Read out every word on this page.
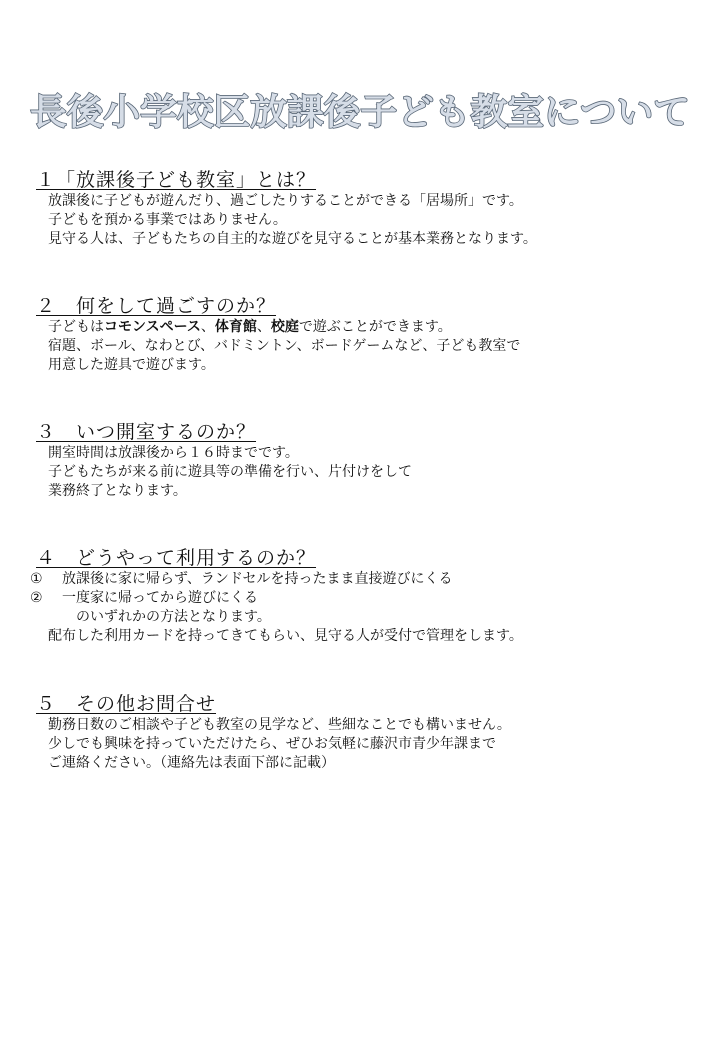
長後小学校区放課後子ども教室について
１「放課後子ども教室」とは？
放課後に子どもが遊んだり、過ごしたりすることができる「居場所」です。
子どもを預かる事業ではありません。
見守る人は、子どもたちの自主的な遊びを見守ることが基本業務となります。
２　何をして過ごすのか？
子どもはコモンスペース、体育館、校庭で遊ぶことができます。
宿題、ボール、なわとび、バドミントン、ボードゲームなど、子ども教室で
用意した遊具で遊びます。
３　いつ開室するのか？
開室時間は放課後から１６時までです。
子どもたちが来る前に遊具等の準備を行い、片付けをして
業務終了となります。
４　どうやって利用するのか？
①	放課後に家に帰らず、ランドセルを持ったまま直接遊びにくる
②	一度家に帰ってから遊びにくる
のいずれかの方法となります。
配布した利用カードを持ってきてもらい、見守る人が受付で管理をします。
５　その他お問合せ
勤務日数のご相談や子ども教室の見学など、些細なことでも構いません。
少しでも興味を持っていただけたら、ぜひお気軽に藤沢市青少年課まで
ご連絡ください。（連絡先は表面下部に記載）
